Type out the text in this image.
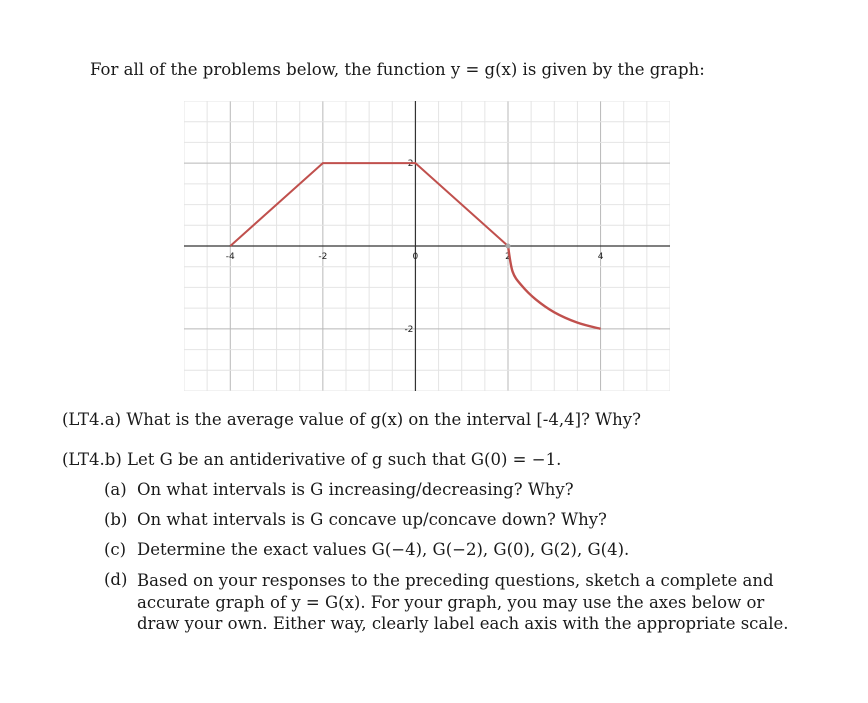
For all of the problems below, the function y = g(x) is given by the graph:
-4	-2	0	2	4
2
-2
(LT4.a) What is the average value of g(x) on the interval [-4,4]? Why?
(LT4.b) Let G be an antiderivative of g such that G(0) = −1.
(a) On what intervals is G increasing/decreasing? Why?
(b) On what intervals is G concave up/concave down? Why?
(c) Determine the exact values G(−4), G(−2), G(0), G(2), G(4).
(d) Based on your responses to the preceding questions, sketch a complete and accurate graph of y = G(x). For your graph, you may use the axes below or draw your own. Either way, clearly label each axis with the appropriate scale.
